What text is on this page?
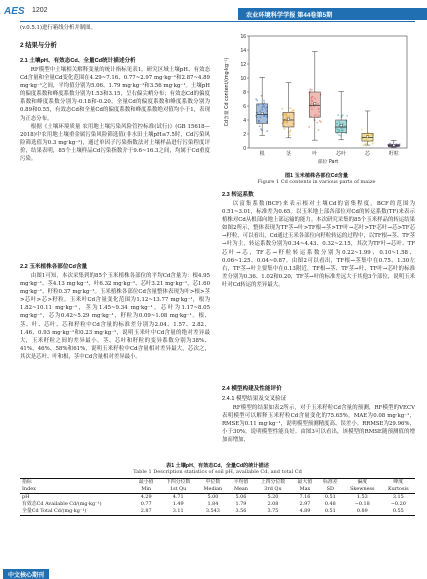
AES 1202
农业环境科学学报 第44卷第5期
(v.0.5.1)进行箱线分析并制图。
2 结果与分析
2.1 土壤pH、有效态Cd、全量Cd统计描述分析

RF模型中土壤相关解释变量的统计指标见表1。研究区域土壤pH、有效态Cd含量和全量Cd变化范围在4.29~7.16、0.77~2.97 mg·kg⁻¹和2.87~4.89 mg·kg⁻¹之间，平均值分别为5.06、1.79 mg·kg⁻¹和3.56 mg·kg⁻¹。土壤pH的偏度系数和峰度系数分别为1.53和3.15，呈右偏尖峭分布；有效态Cd的偏度系数和峰度系数分别为-0.18和-0.20，全量Cd的偏度系数和峰度系数分别为0.89和0.55，有效态Cd和全量Cd的偏度系数和峰度系数绝对值均小于1，表现为正态分布。

根据《土壤环境质量 农用地土壤污染风险管控标准(试行)》(GB 15618—2018)中农用地土壤重金属污染风险筛选值(非水田土壤pH≤7.5时，Cd污染风险筛选值为0.3 mg·kg⁻¹)，通过单因子污染指数法对土壤样品进行污染程度评价，结果表明，85个土壤样品Cd污染指数介于9.6~16.3之间，均属于Cd重度污染。

2.2 玉米植株各部位Cd含量

由图1可知，本次采集到的85个玉米植株各部位的平均Cd含量为：根4.95 mg·kg⁻¹、茎4.13 mg·kg⁻¹、叶6.32 mg·kg⁻¹、芯叶3.21 mg·kg⁻¹、芯1.60 mg·kg⁻¹、籽粒0.37 mg·kg⁻¹。玉米植株各部位Cd含量整体表现为叶>根>茎>芯叶>芯>籽粒。玉米叶Cd含量变化范围为1.12~13.77 mg·kg⁻¹，根为1.82~10.11 mg·kg⁻¹，茎为1.45~9.34 mg·kg⁻¹，芯叶为1.17~8.05 mg·kg⁻¹，芯为0.42~5.29 mg·kg⁻¹，籽粒为0.09~1.08 mg·kg⁻¹。根、茎、叶、芯叶、芯和籽粒中Cd含量的标准差分别为2.04、1.57、2.82、1.46、0.93 mg·kg⁻¹和0.23 mg·kg⁻¹，说明玉米叶中Cd含量的绝对差异最大，玉米籽粒之间的差异最小。茎、芯叶和籽粒的变异系数分别为38%、41%、46%、58%和61%，说明玉米籽粒中Cd含量相对差异最大，芯次之，其次是芯叶、叶和根，茎中Cd含量相对差异最小。

0
2
4
6
8
10
12
14
16
Cd含量 Cd content/(mg·kg⁻¹)
根	茎	叶	芯叶	芯	籽粒
部位 Part
图1 玉米植株各部位Cd含量
Figure 1 Cd contents in various parts of maize
2.3 转运系数

以富集系数(BCF)来表示根对土壤Cd的富集程度，BCF的范围为0.51~3.01，标准差为0.65。以玉米地上部各部位对Cd的转运系数(TF)来表示植株对Cd从根部向地上部运输的能力。本次研究采集的85个玉米样品的转运结果如图2所示，整体表现为TF茎→叶>TF根→茎>TF叶→芯叶>TF芯叶→芯>TF芯→籽粒，可以看出，Cd通过玉米各部位向籽粒转运的过程中，以TF根→茎、TF茎→叶为主，转运系数分别为0.34~4.43、0.32~2.15，其次为TF叶→芯叶、TF芯叶→芯，TF芯→籽粒转运系数分别为0.22~1.99、0.10~1.58、0.06~1.25、0.04~0.87。由图2可以看出，TF根→茎集中在0.75、1.30左右，TF茎→叶主要集中在0.13附近。TF根→茎、TF茎→叶、TF叶→芯叶的标准差分别为0.36、1.02和0.20，TF茎→叶的标准差远大于其他3个部位，说明玉米叶对Cd转运的差异最大。

2.4 模型构建及性能评价
2.4.1 模型结果及交叉验证

RF模型的结果如表2所示，对于玉米籽粒Cd含量的预测，RF模型的VECV表明模型可以解释玉米籽粒Cd含量变化的75.65%，MAE为0.08 mg·kg⁻¹，RMSE为0.11 mg·kg⁻¹，说明模型预测精度高、误差小。RRMSE为29.96%，小于30%，说明模型性能良好。由图3可以看出，该模型的RMSE随预测值的增加而增加，

表1 土壤pH、有效态Cd、全量Cd的统计描述
Table 1 Description statistics of soil pH, available Cd, and total Cd
指标	最小值	下四分位数	中位数	平均值	上四分位数	最大值	标准差	偏度	峰度
Index	Min	1st Qu	Median	Mean	3rd Qu	Max	SD	Skewness	Kurtosis
pH	4.29	4.71	5.00	5.06	5.20	7.16	0.51	1.53	3.15
有效态Cd Available Cd/(mg·kg⁻¹)	0.77	1.49	1.84	1.79	2.08	2.97	0.48	−0.18	−0.20
全量Cd Total Cd/(mg·kg⁻¹)	2.87	3.11	3.543	3.56	3.75	4.89	0.51	0.89	0.55
中文核心期刊
